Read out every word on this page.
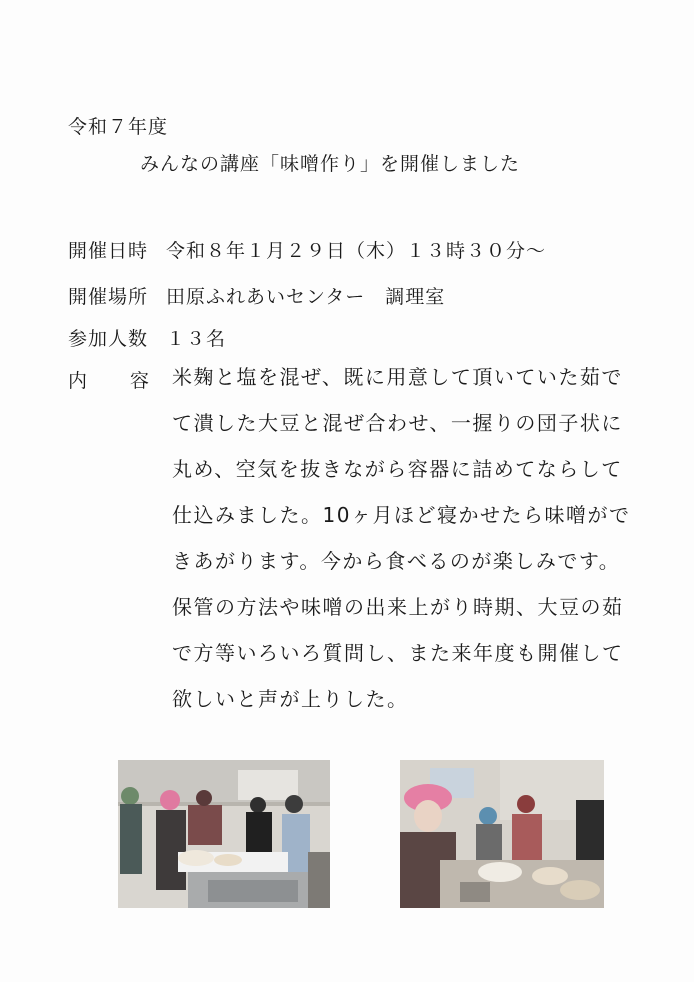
令和７年度
みんなの講座「味噌作り」を開催しました
開催日時 令和８年１月２９日（木）１３時３０分～
開催場所 田原ふれあいセンター　調理室
参加人数 １３名
内 容	米麹と塩を混ぜ、既に用意して頂いていた茹で
て潰した大豆と混ぜ合わせ、一握りの団子状に
丸め、空気を抜きながら容器に詰めてならして
仕込みました。10ヶ月ほど寝かせたら味噌がで
きあがります。今から食べるのが楽しみです。
保管の方法や味噌の出来上がり時期、大豆の茹
で方等いろいろ質問し、また来年度も開催して
欲しいと声が上りした。
